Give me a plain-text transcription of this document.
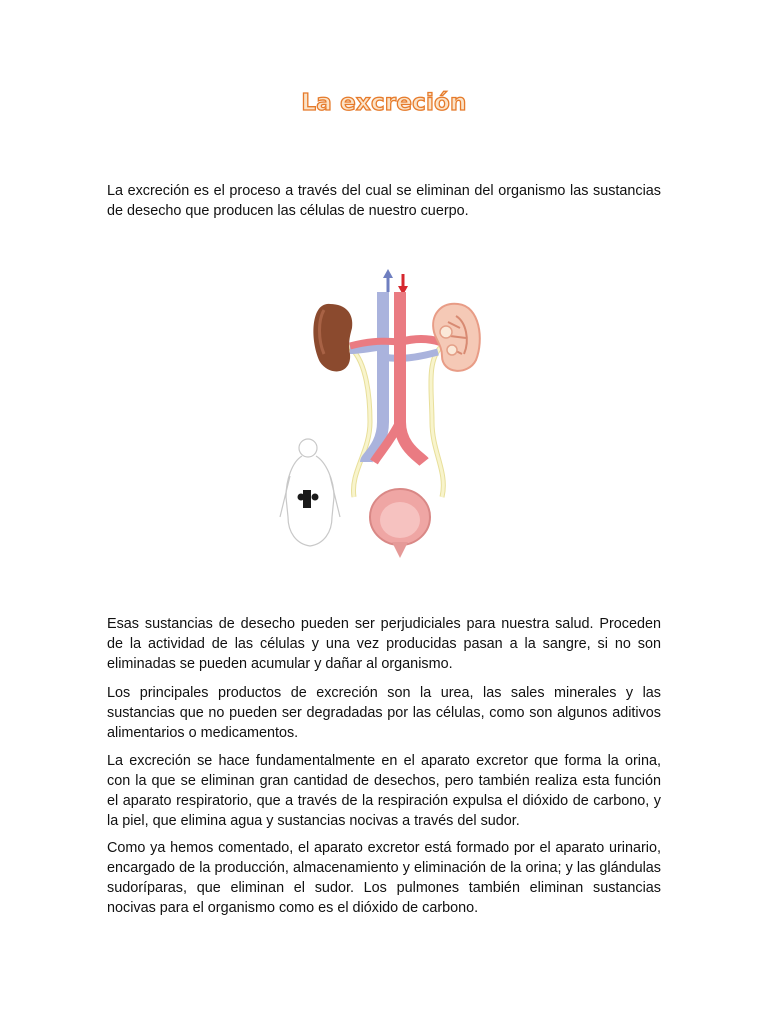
La excreción

La excreción es el proceso a través del cual se eliminan del organismo las sustancias de desecho que producen las células de nuestro cuerpo.

Esas sustancias de desecho pueden ser perjudiciales para nuestra salud. Proceden de la actividad de las células y una vez producidas pasan a la sangre, si no son eliminadas se pueden acumular y dañar al organismo.

Los principales productos de excreción son la urea, las sales minerales y las sustancias que no pueden ser degradadas por las células, como son algunos aditivos alimentarios o medicamentos.

La excreción se hace fundamentalmente en el aparato excretor que forma la orina, con la que se eliminan gran cantidad de desechos, pero también realiza esta función el aparato respiratorio, que a través de la respiración expulsa el dióxido de carbono, y la piel, que elimina agua y sustancias nocivas a través del sudor.

Como ya hemos comentado, el aparato excretor está formado por el aparato urinario, encargado de la producción, almacenamiento y eliminación de la orina; y las glándulas sudoríparas, que eliminan el sudor. Los pulmones también eliminan sustancias nocivas para el organismo como es el dióxido de carbono.
